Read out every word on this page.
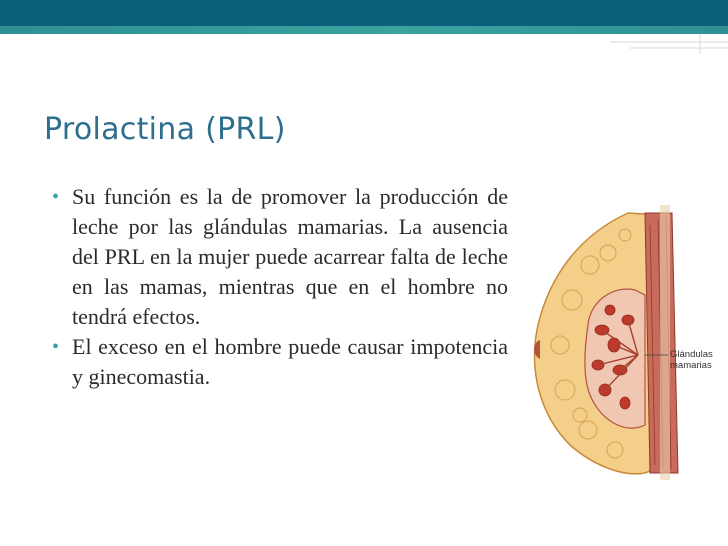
Prolactina (PRL)
• Su función es la de promover la producción de leche por las glándulas mamarias. La ausencia del PRL en la mujer puede acarrear falta de leche en las mamas, mientras que en el hombre no tendrá efectos.
• El exceso en el hombre puede causar impotencia y ginecomastia.
Glándulas
mamarias
